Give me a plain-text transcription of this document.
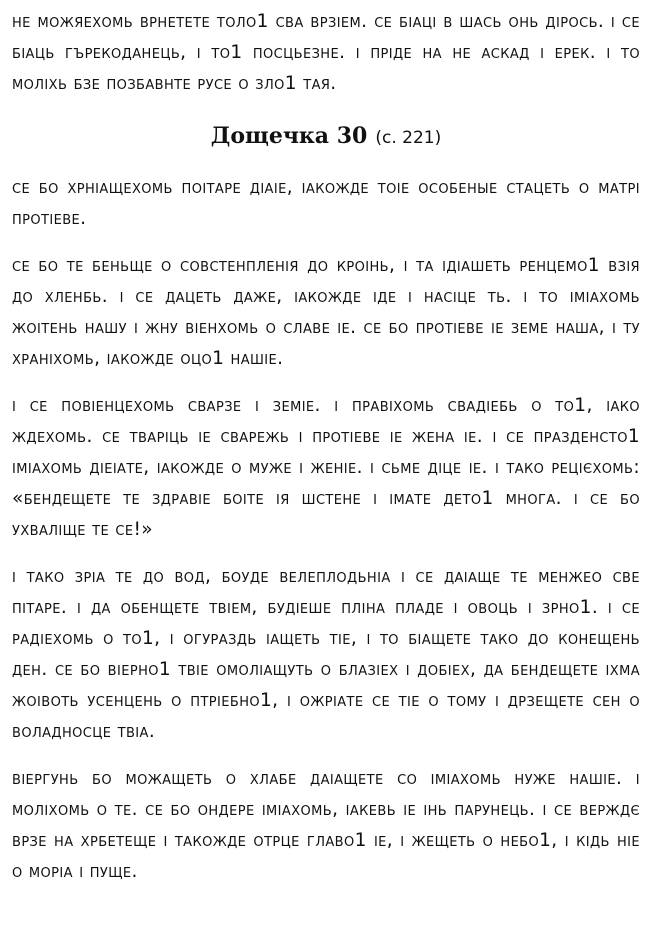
не можяехомь врнетете толо1 сва врзіем. се біаці в шась онь дірось. і се біаць гърекоданець, і то1 посцьезне. і пріде на не аскад і ерек. і то моліхь бзе позбавнте русе о зло1 тая.

Дощечка 30 (с. 221)

се бо хрніащехомь поітаре діаіе, іакожде тоіе особеные стацеть о матрі протіеве.

се бо те беньще о совстенпленія до кроінь, і та ідіашеть ренцемо1 взія до хленбь. і се дацеть даже, іакожде іде і насіце ть. і то іміахомь жоітень нашу і жну віенхомь о славе іе. се бо протіеве іе земе наша, і ту храніхомь, іакожде оцо1 нашіе.

і се повіенцехомь сварзе і земіе. і правіхомь свадіебь о то1, іако ждехомь. се тваріць іе сварежь і протіеве іе жена іе. і се празденсто1 іміахомь діеіате, іакожде о муже і женіе. і сьме діце іе. і тако рецієхомь: «бендещете те здравіе боіте ія шстене і імате дето1 многа. і се бо ухваліще те се!»

і тако зріа те до вод, боуде велеплодьніа і се даіаще те менжео све пітаре. і да обенщете твіем, будіеше пліна пладе і овоць і зрно1. і се радіехомь о то1, і огураздь іащеть тіе, і то біащете тако до конещень ден. се бо віерно1 твіе омоліащуть о блазіех і добіех, да бендещете іхма жоівоть усенцень о птріебно1, і ожріате се тіе о тому і дрзещете сен о воладносце твіа.

віергунь бо можащеть о хлабе даіащете со іміахомь нуже нашіе. і моліхомь о те. се бо ондере іміахомь, іакевь іе інь парунець. і се верждє врзе на хрбетеще і такожде отрце главо1 іе, і жещеть о небо1, і кідь ніе о моріа і пуще.
